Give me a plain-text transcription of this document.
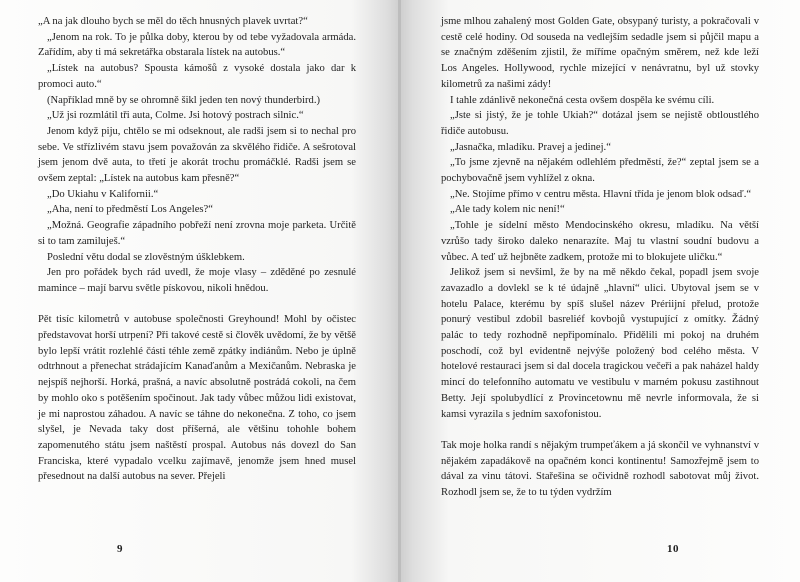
„A na jak dlouho bych se měl do těch hnusných plavek uvrtat?“

„Jenom na rok. To je půlka doby, kterou by od tebe vyžadovala armáda. Zařídím, aby ti má sekretářka obstarala lístek na autobus.“

„Lístek na autobus? Spousta kámošů z vysoké dostala jako dar k promoci auto.“

(Například mně by se ohromně šikl jeden ten nový thunderbird.)

„Už jsi rozmlátil tři auta, Colme. Jsi hotový postrach silnic.“

Jenom když piju, chtělo se mi odseknout, ale radši jsem si to nechal pro sebe. Ve střízlivém stavu jsem považován za skvělého řidiče. A sešrotoval jsem jenom dvě auta, to třetí je akorát trochu promáčklé. Radši jsem se ovšem zeptal: „Lístek na autobus kam přesně?“

„Do Ukiahu v Kalifornii.“

„Aha, není to předměstí Los Angeles?“

„Možná. Geografie západního pobřeží není zrovna moje parketa. Určitě si to tam zamiluješ.“

Poslední větu dodal se zlověstným úšklebkem.

Jen pro pořádek bych rád uvedl, že moje vlasy – zděděné po zesnulé mamince – mají barvu světle pískovou, nikoli hnědou.

Pět tisíc kilometrů v autobuse společnosti Greyhound! Mohl by očistec představovat horší utrpení? Při takové cestě si člověk uvědomí, že by většě bylo lepší vrátit rozlehlé části téhle země zpátky indiánům. Nebo je úplně odtrhnout a přenechat strádajícím Kanaďanům a Mexičanům. Nebraska je nejspíš nejhorší. Horká, prašná, a navíc absolutně postrádá cokoli, na čem by mohlo oko s potěšením spočinout. Jak tady vůbec můžou lidi existovat, je mi naprostou záhadou. A navíc se táhne do nekonečna. Z toho, co jsem slyšel, je Nevada taky dost příšerná, ale většinu tohohle bohem zapomenutého státu jsem naštěstí prospal. Autobus nás dovezl do San Franciska, které vypadalo vcelku zajímavě, jenomže jsem hned musel přesednout na další autobus na sever. Přejeli

9

jsme mlhou zahalený most Golden Gate, obsypaný turisty, a pokračovali v cestě celé hodiny. Od souseda na vedlejším sedadle jsem si půjčil mapu a se značným zděšením zjistil, že míříme opačným směrem, než kde leží Los Angeles. Hollywood, rychle mizející v nenávratnu, byl už stovky kilometrů za našimi zády!

I tahle zdánlivě nekonečná cesta ovšem dospěla ke svému cíli.

„Jste si jistý, že je tohle Ukiah?“ dotázal jsem se nejistě obtloustlého řidiče autobusu.

„Jasnačka, mladíku. Pravej a jedinej.“

„To jsme zjevně na nějakém odlehlém předměstí, že?“ zeptal jsem se a pochybovačně jsem vyhlížel z okna.

„Ne. Stojíme přímo v centru města. Hlavní třída je jenom blok odsaď.“

„Ale tady kolem nic není!“

„Tohle je sídelní město Mendocinského okresu, mladíku. Na větší vzrůšo tady široko daleko nenarazíte. Maj tu vlastní soudní budovu a vůbec. A teď už hejbněte zadkem, protože mi to blokujete uličku.“

Jelikož jsem si nevšiml, že by na mě někdo čekal, popadl jsem svoje zavazadlo a dovlekl se k té údajně „hlavní“ ulici. Ubytoval jsem se v hotelu Palace, kterému by spíš slušel název Prériijní přelud, protože ponurý vestibul zdobil basreliéf kovbojů vystupující z omítky. Žádný palác to tedy rozhodně nepřipomínalo. Přidělili mi pokoj na druhém poschodí, což byl evidentně nejvýše položený bod celého města. V hotelové restauraci jsem si dal docela tragickou večeři a pak naházel haldy mincí do telefonního automatu ve vestibulu v marném pokusu zastihnout Betty. Její spolubydlící z Provincetownu mě nevrle informovala, že si kamsi vyrazila s jedním saxofonistou.

Tak moje holka randí s nějakým trumpeťákem a já skončil ve vyhnanství v nějakém zapadákově na opačném konci kontinentu! Samozřejmě jsem to dával za vinu tátovi. Stařešina se očividně rozhodl sabotovat můj život. Rozhodl jsem se, že to tu týden vydržím

10
